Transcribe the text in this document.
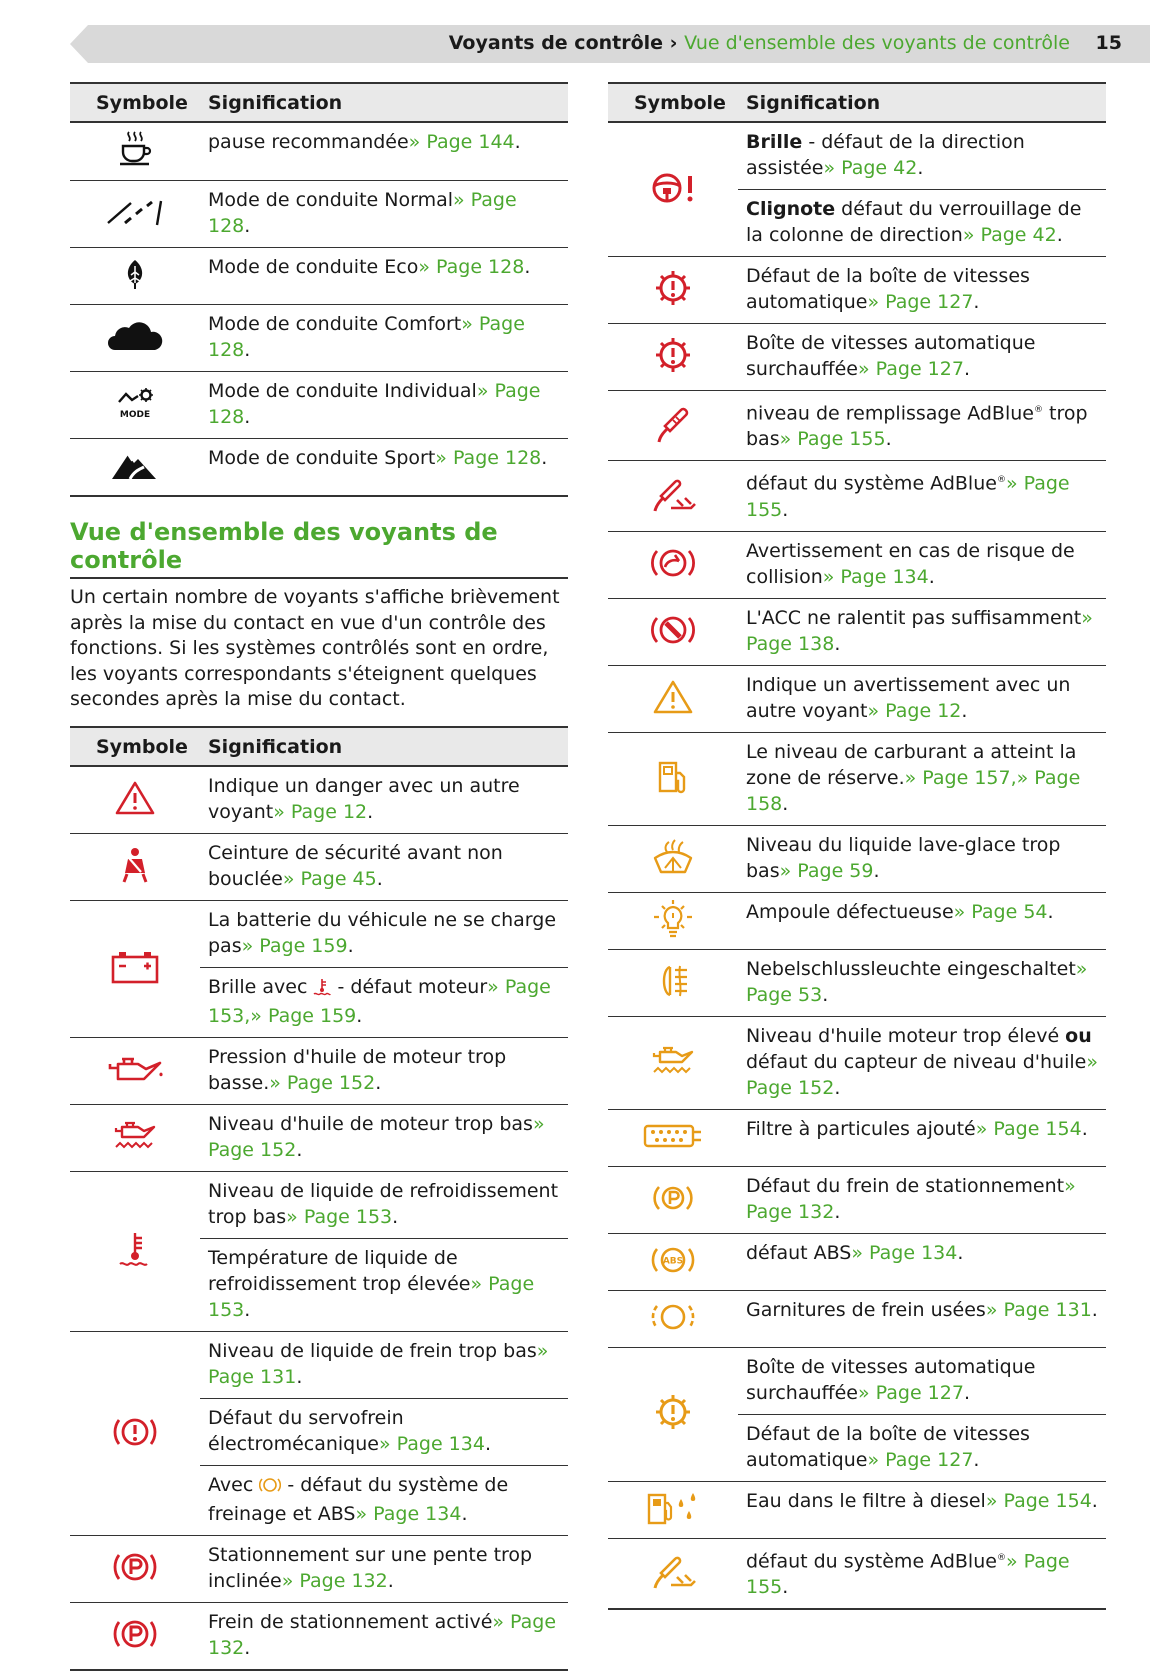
Voyants de contrôle › Vue d'ensemble des voyants de contrôle 15
Symbole	Signification

	pause recommandée» Page 144.

	Mode de conduite Normal» Page 128.

	Mode de conduite Eco» Page 128.

	Mode de conduite Comfort» Page 128.

MODE	Mode de conduite Individual» Page 128.

	Mode de conduite Sport» Page 128.
Vue d'ensemble des voyants de contrôle

Un certain nombre de voyants s'affiche brièvement après la mise du contact en vue d'un contrôle des fonctions. Si les systèmes contrôlés sont en ordre, les voyants correspondants s'éteignent quelques secondes après la mise du contact.

Symbole	Signification

	Indique un danger avec un autre voyant» Page 12.

	Ceinture de sécurité avant non bouclée» Page 45.

	La batterie du véhicule ne se charge pas» Page 159.
	Brille avec  - défaut moteur» Page 153,» Page 159.

	Pression d'huile de moteur trop basse.» Page 152.

	Niveau d'huile de moteur trop bas» Page 152.

	Niveau de liquide de refroidissement trop bas» Page 153.
	Température de liquide de refroidissement trop élevée» Page 153.

	Niveau de liquide de frein trop bas» Page 131.
	Défaut du servofrein électromécanique» Page 134.
	Avec  - défaut du système de freinage et ABS» Page 134.

	Stationnement sur une pente trop inclinée» Page 132.

	Frein de stationnement activé» Page 132.
Symbole	Signification

	Brille - défaut de la direction assistée» Page 42.
	Clignote défaut du verrouillage de la colonne de direction» Page 42.

	Défaut de la boîte de vitesses automatique» Page 127.

	Boîte de vitesses automatique surchauffée» Page 127.

	niveau de remplissage AdBlue® trop bas» Page 155.

	défaut du système AdBlue®» Page 155.

	Avertissement en cas de risque de collision» Page 134.

	L'ACC ne ralentit pas suffisamment» Page 138.

	Indique un avertissement avec un autre voyant» Page 12.

	Le niveau de carburant a atteint la zone de réserve.» Page 157,» Page 158.

	Niveau du liquide lave-glace trop bas» Page 59.

	Ampoule défectueuse» Page 54.

	Nebelschlussleuchte eingeschaltet» Page 53.

	Niveau d'huile moteur trop élevé ou défaut du capteur de niveau d'huile» Page 152.

	Filtre à particules ajouté» Page 154.

	Défaut du frein de stationnement» Page 132.

ABS	défaut ABS» Page 134.

	Garnitures de frein usées» Page 131.

	Boîte de vitesses automatique surchauffée» Page 127.
	Défaut de la boîte de vitesses automatique» Page 127.

	Eau dans le filtre à diesel» Page 154.

	défaut du système AdBlue®» Page 155.
